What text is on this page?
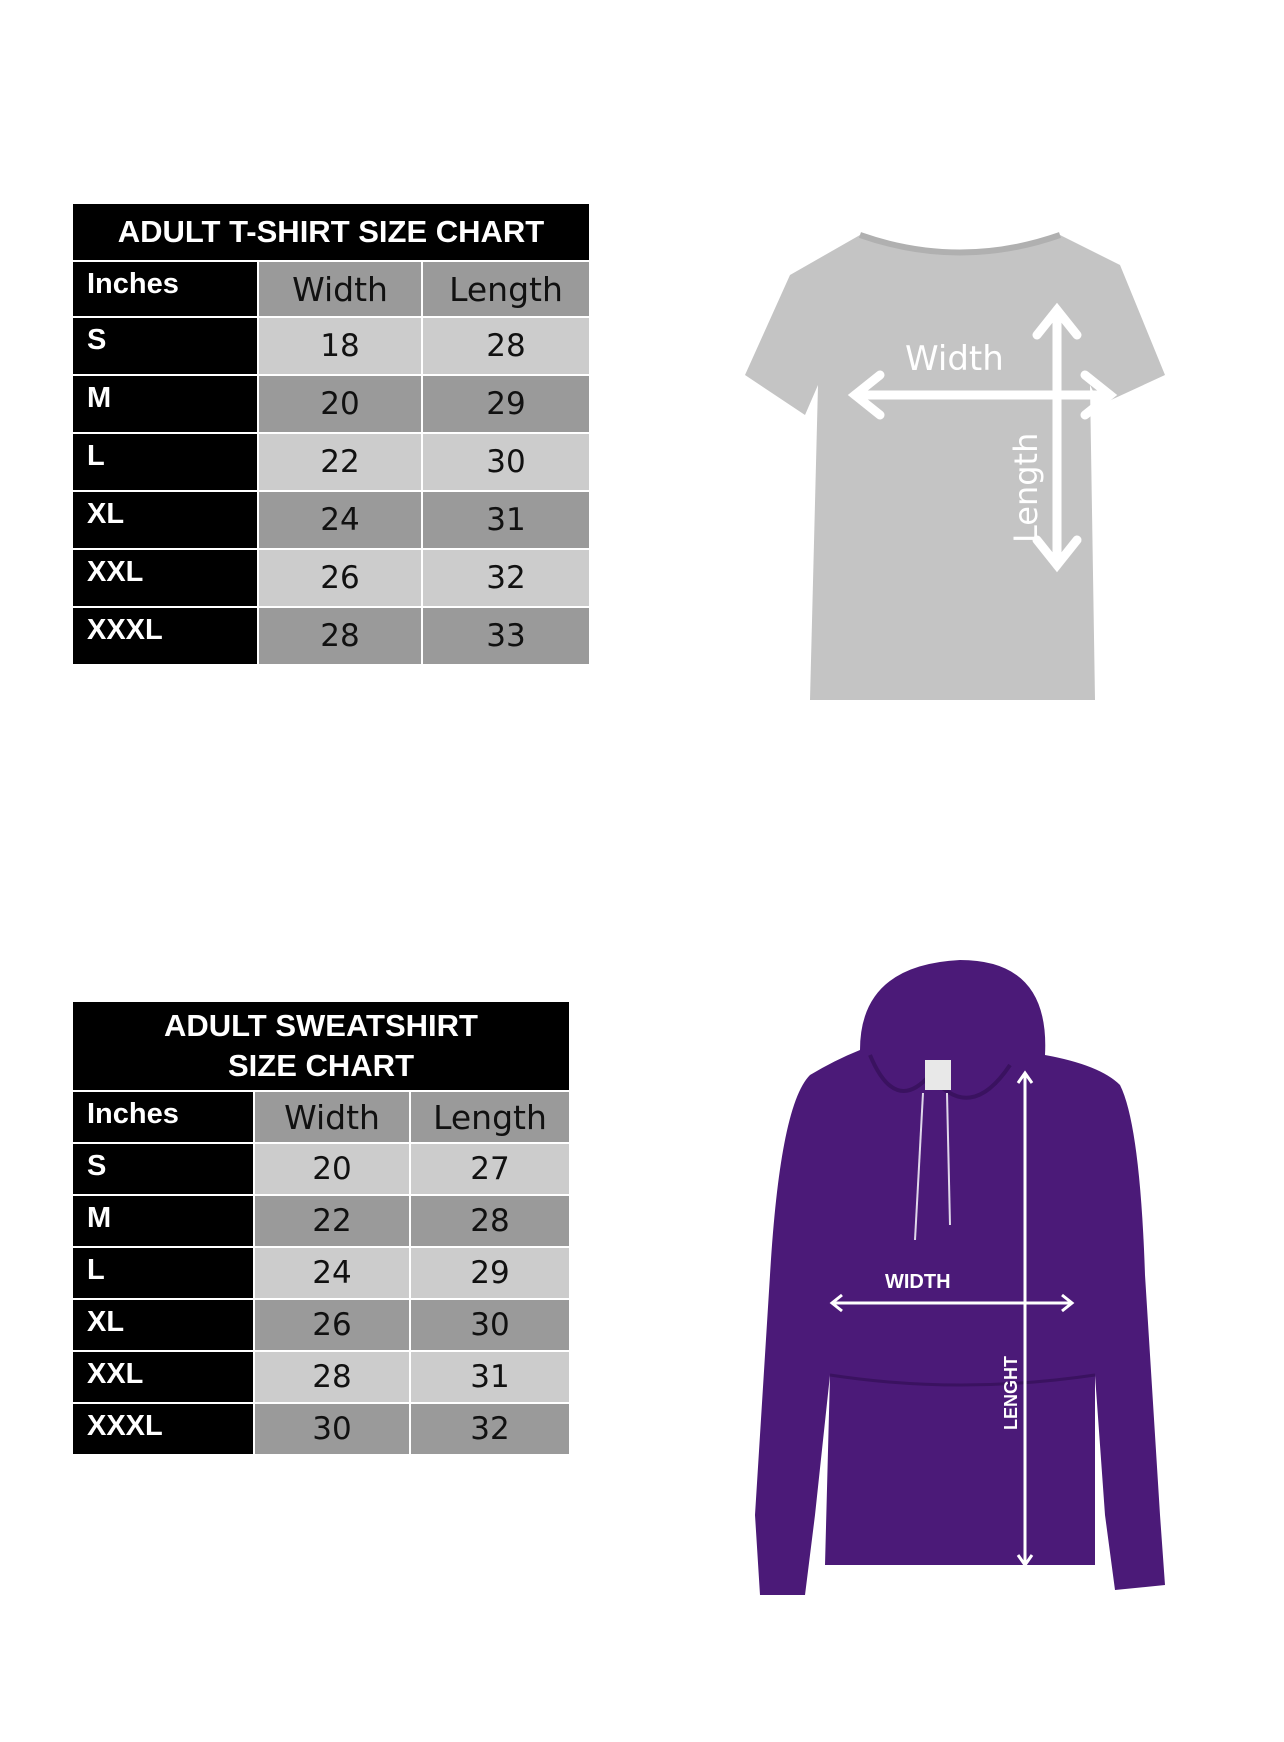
ADULT T-SHIRT SIZE CHART		
Inches	Width	Length
S	18	28
M	20	29
L	22	30
XL	24	31
XXL	26	32
XXXL	28	33
Width
Length
ADULT SWEATSHIRT
SIZE CHART		

Inches	Width	Length
S	20	27
M	22	28
L	24	29
XL	26	30
XXL	28	31
XXXL	30	32
WIDTH
LENGHT
